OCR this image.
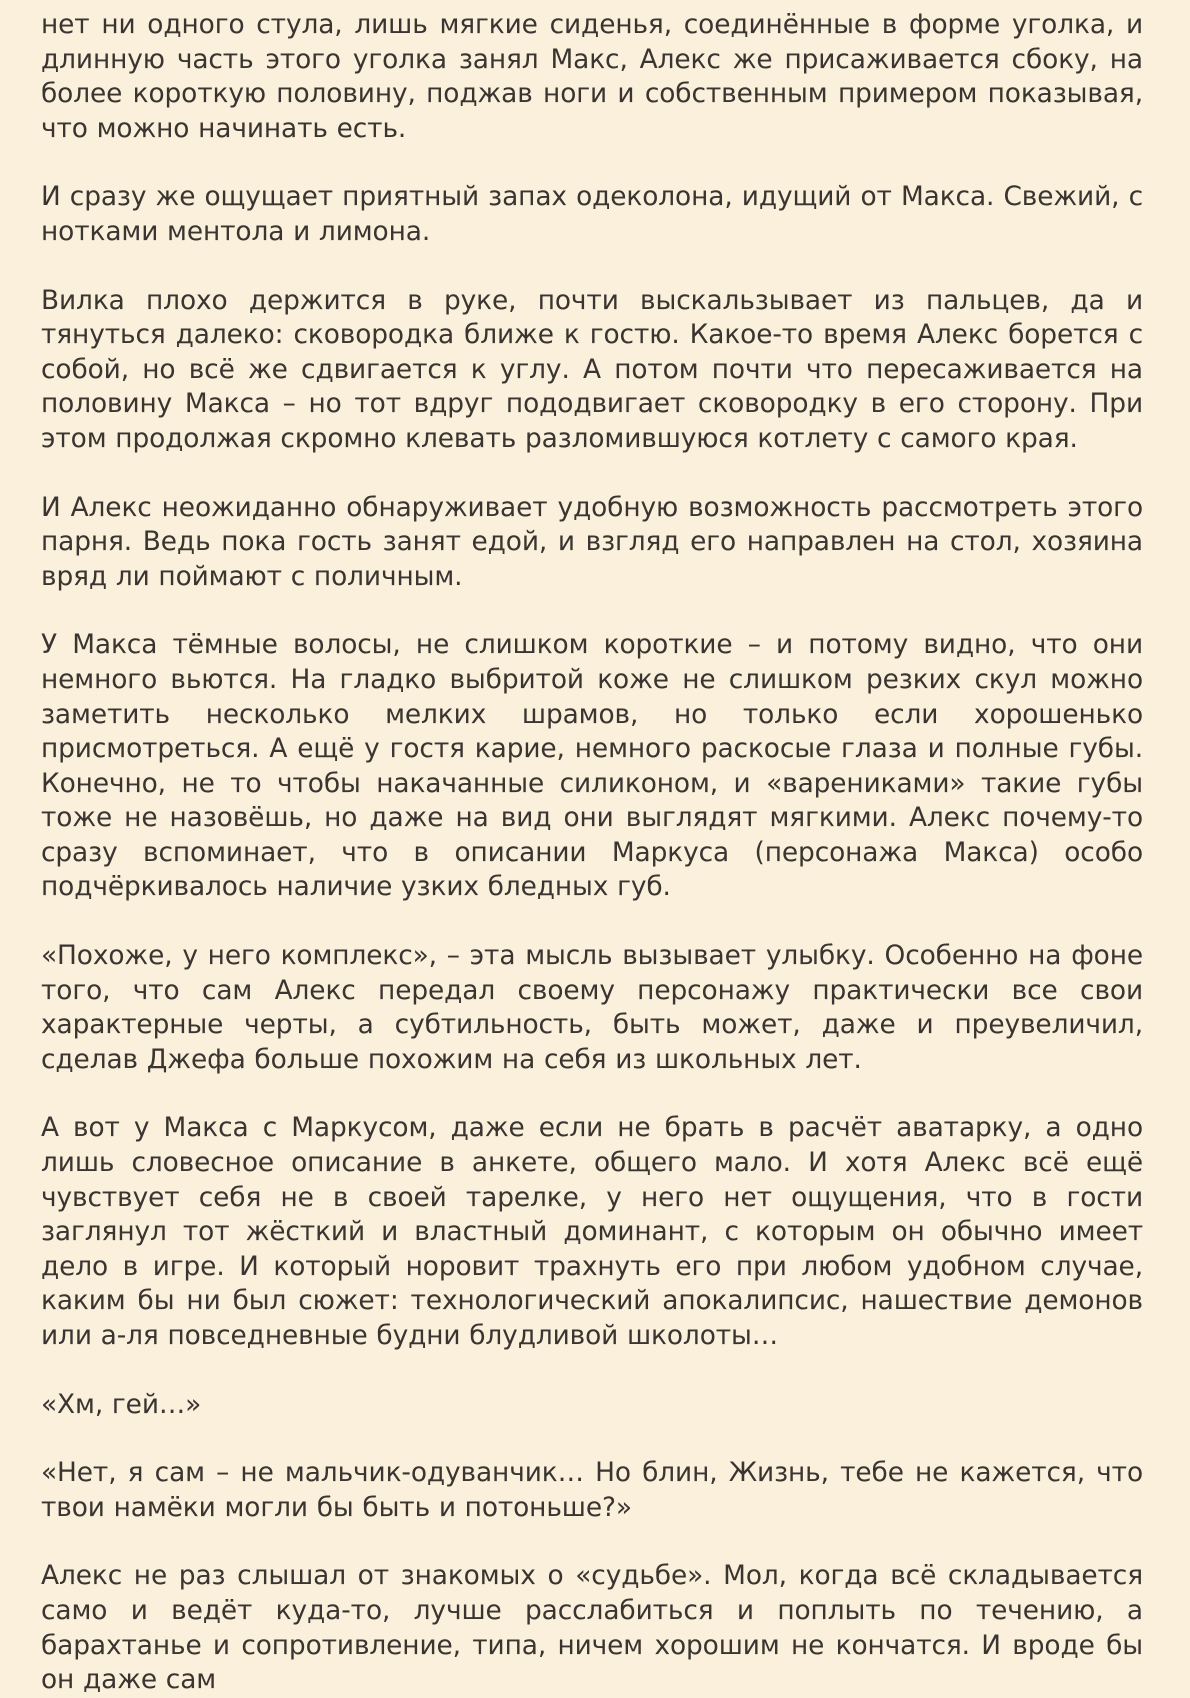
нет ни одного стула, лишь мягкие сиденья, соединённые в форме уголка, и длинную часть этого уголка занял Макс, Алекс же присаживается сбоку, на более короткую половину, поджав ноги и собственным примером показывая, что можно начинать есть.

И сразу же ощущает приятный запах одеколона, идущий от Макса. Свежий, с нотками ментола и лимона.

Вилка плохо держится в руке, почти выскальзывает из пальцев, да и тянуться далеко: сковородка ближе к гостю. Какое-то время Алекс борется с собой, но всё же сдвигается к углу. А потом почти что пересаживается на половину Макса – но тот вдруг пододвигает сковородку в его сторону. При этом продолжая скромно клевать разломившуюся котлету с самого края.

И Алекс неожиданно обнаруживает удобную возможность рассмотреть этого парня. Ведь пока гость занят едой, и взгляд его направлен на стол, хозяина вряд ли поймают с поличным.

У Макса тёмные волосы, не слишком короткие – и потому видно, что они немного вьются. На гладко выбритой коже не слишком резких скул можно заметить несколько мелких шрамов, но только если хорошенько присмотреться. А ещё у гостя карие, немного раскосые глаза и полные губы. Конечно, не то чтобы накачанные силиконом, и «варениками» такие губы тоже не назовёшь, но даже на вид они выглядят мягкими. Алекс почему-то сразу вспоминает, что в описании Маркуса (персонажа Макса) особо подчёркивалось наличие узких бледных губ.

«Похоже, у него комплекс», – эта мысль вызывает улыбку. Особенно на фоне того, что сам Алекс передал своему персонажу практически все свои характерные черты, а субтильность, быть может, даже и преувеличил, сделав Джефа больше похожим на себя из школьных лет.

А вот у Макса с Маркусом, даже если не брать в расчёт аватарку, а одно лишь словесное описание в анкете, общего мало. И хотя Алекс всё ещё чувствует себя не в своей тарелке, у него нет ощущения, что в гости заглянул тот жёсткий и властный доминант, с которым он обычно имеет дело в игре. И который норовит трахнуть его при любом удобном случае, каким бы ни был сюжет: технологический апокалипсис, нашествие демонов или а-ля повседневные будни блудливой школоты…

«Хм, гей…»

«Нет, я сам – не мальчик-одуванчик… Но блин, Жизнь, тебе не кажется, что твои намёки могли бы быть и потоньше?»

Алекс не раз слышал от знакомых о «судьбе». Мол, когда всё складывается само и ведёт куда-то, лучше расслабиться и поплыть по течению, а барахтанье и сопротивление, типа, ничем хорошим не кончатся. И вроде бы он даже сам
